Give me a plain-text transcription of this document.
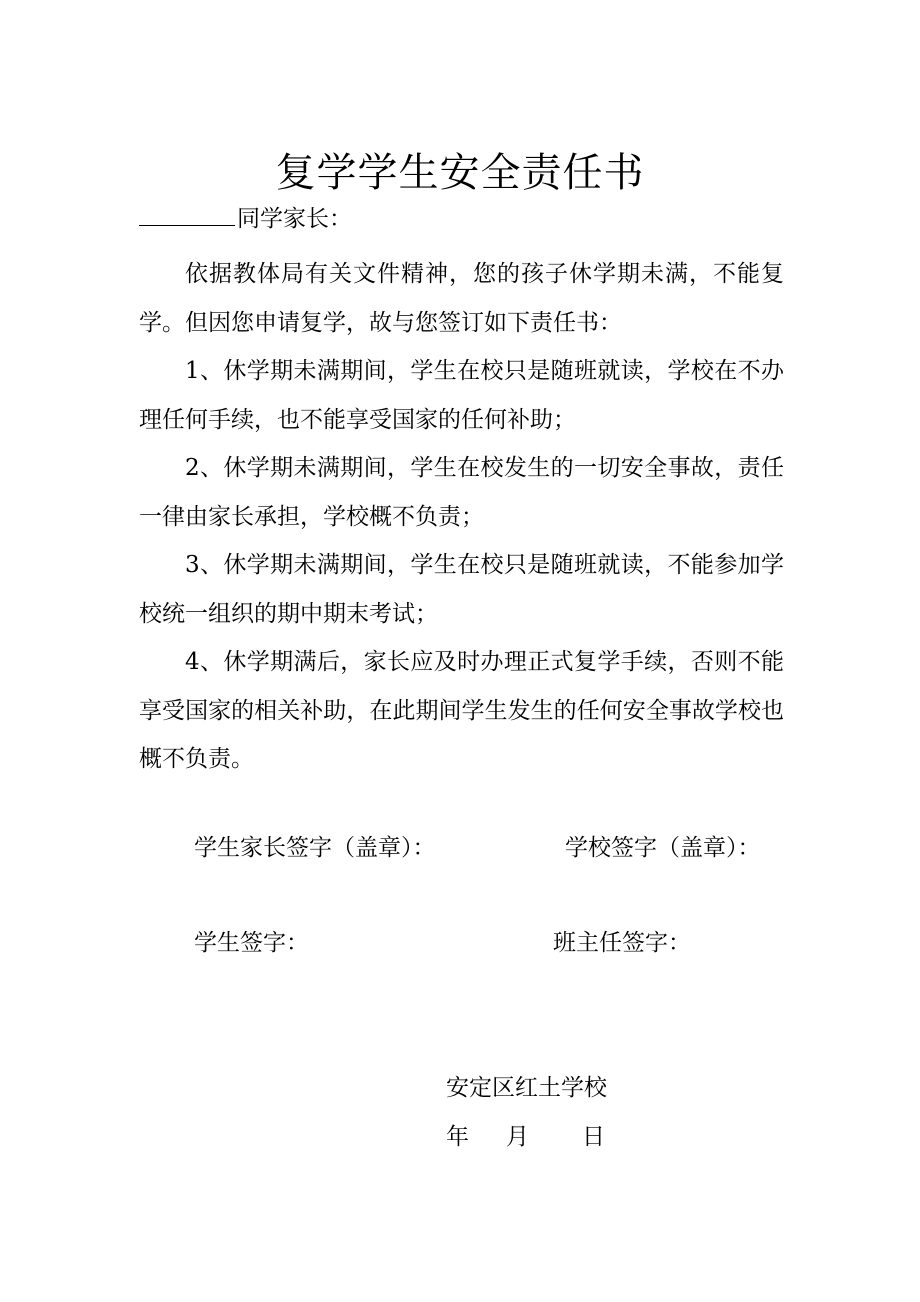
复学学生安全责任书
同学家长：

依据教体局有关文件精神，您的孩子休学期未满，不能复学。但因您申请复学，故与您签订如下责任书：

1、休学期未满期间，学生在校只是随班就读，学校在不办理任何手续，也不能享受国家的任何补助；

2、休学期未满期间，学生在校发生的一切安全事故，责任一律由家长承担，学校概不负责；

3、休学期未满期间，学生在校只是随班就读，不能参加学校统一组织的期中期末考试；

4、休学期满后，家长应及时办理正式复学手续，否则不能享受国家的相关补助，在此期间学生发生的任何安全事故学校也概不负责。

学生家长签字（盖章）：	学校签字（盖章）：
学生签字：	班主任签字：
安定区红土学校
年 月 日
